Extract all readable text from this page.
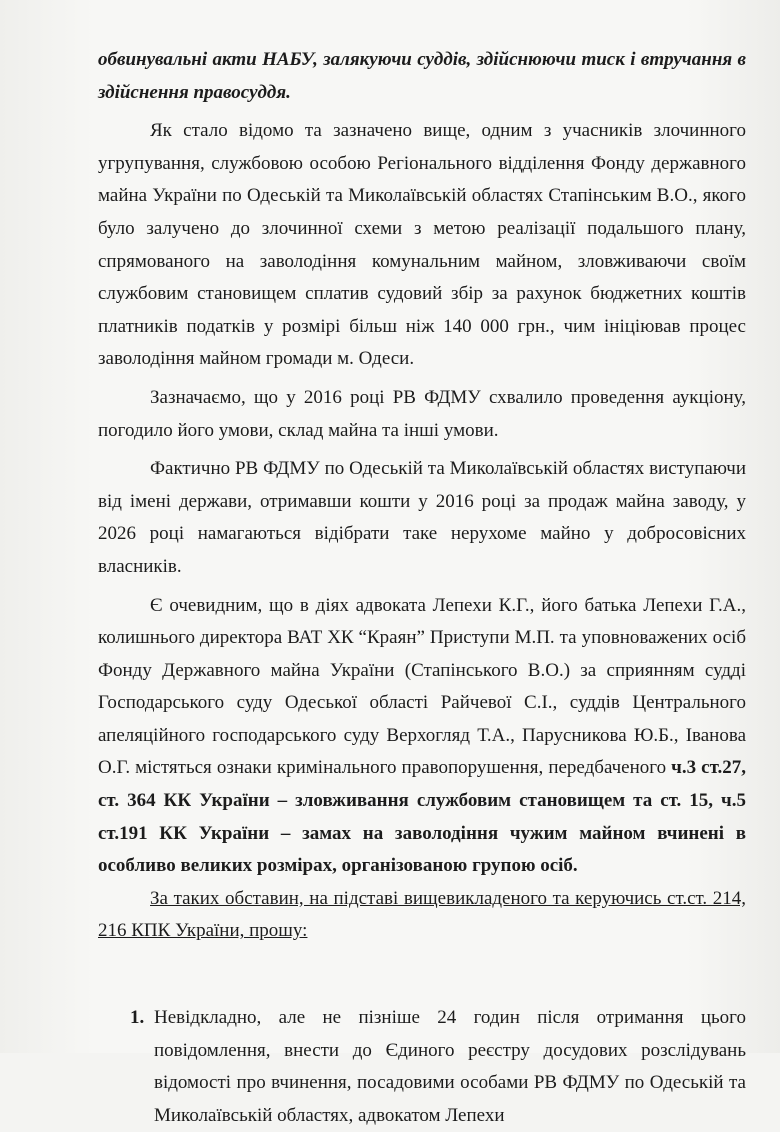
обвинувальні акти НАБУ, залякуючи суддів, здійснюючи тиск і втручання в здійснення правосуддя.

Як стало відомо та зазначено вище, одним з учасників злочинного угрупування, службовою особою Регіонального відділення Фонду державного майна України по Одеській та Миколаївській областях Стапінським В.О., якого було залучено до злочинної схеми з метою реалізації подальшого плану, спрямованого на заволодіння комунальним майном, зловживаючи своїм службовим становищем сплатив судовий збір за рахунок бюджетних коштів платників податків у розмірі більш ніж 140 000 грн., чим ініціював процес заволодіння майном громади м. Одеси.

Зазначаємо, що у 2016 році РВ ФДМУ схвалило проведення аукціону, погодило його умови, склад майна та інші умови.

Фактично РВ ФДМУ по Одеській та Миколаївській областях виступаючи від імені держави, отримавши кошти у 2016 році за продаж майна заводу, у 2026 році намагаються відібрати таке нерухоме майно у добросовісних власників.

Є очевидним, що в діях адвоката Лепехи К.Г., його батька Лепехи Г.А., колишнього директора ВАТ ХК “Краян” Приступи М.П. та уповноважених осіб Фонду Державного майна України (Стапінського В.О.) за сприянням судді Господарського суду Одеської області Райчевої С.І., суддів Центрального апеляційного господарського суду Верхогляд Т.А., Парусникова Ю.Б., Іванова О.Г. містяться ознаки кримінального правопорушення, передбаченого ч.3 ст.27, ст. 364 КК України – зловживання службовим становищем та ст. 15, ч.5 ст.191 КК України – замах на заволодіння чужим майном вчинені в особливо великих розмірах, організованою групою осіб.

За таких обставин, на підставі вищевикладеного та керуючись ст.ст. 214, 216 КПК України, прошу:

1. Невідкладно, але не пізніше 24 годин після отримання цього повідомлення, внести до Єдиного реєстру досудових розслідувань відомості про вчинення, посадовими особами РВ ФДМУ по Одеській та Миколаївській областях, адвокатом Лепехи
